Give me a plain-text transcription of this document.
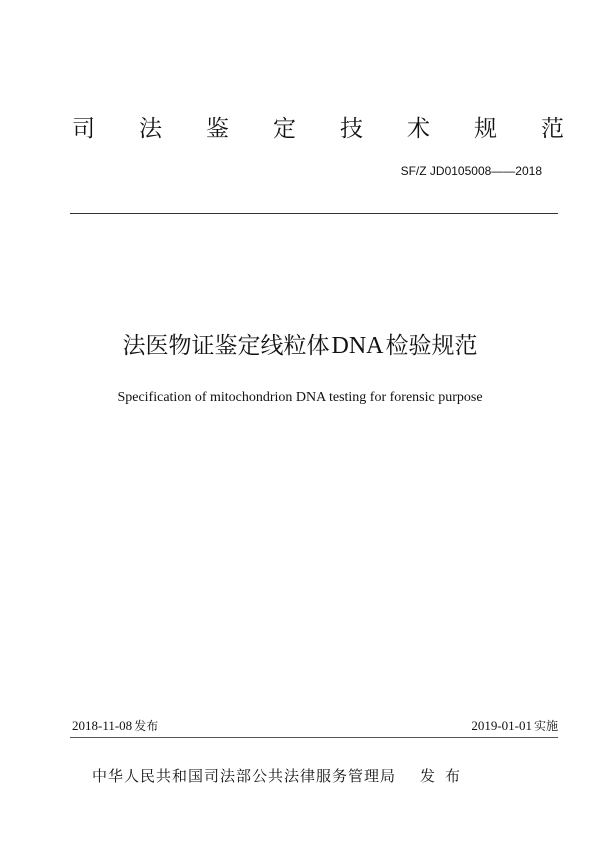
司 法 鉴 定 技 术 规 范
SF/Z JD0105008——2018
法医物证鉴定线粒体DNA检验规范
Specification of mitochondrion DNA testing for forensic purpose
2018-11-08 发布	2019-01-01 实施
中华人民共和国司法部公共法律服务管理局 发布
